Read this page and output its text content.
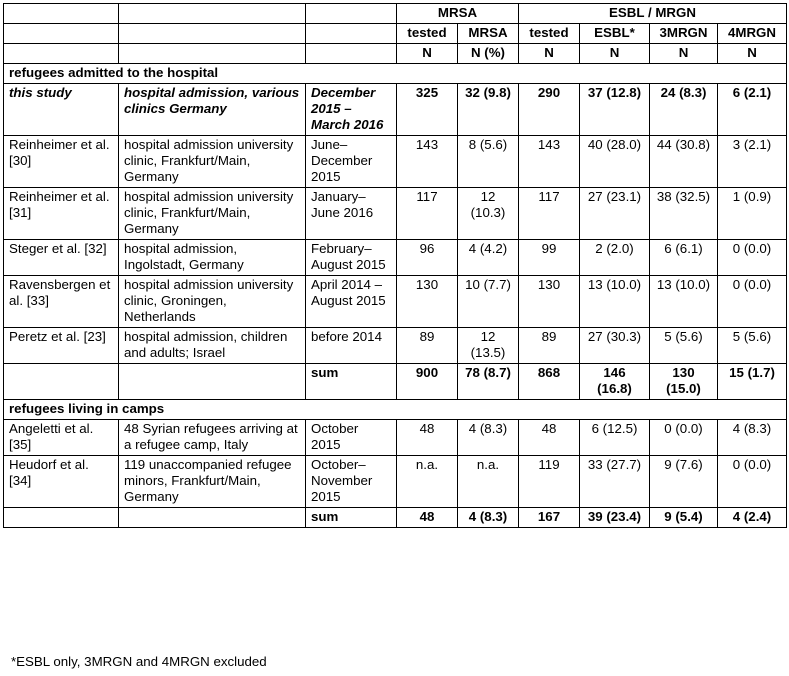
			MRSA		ESBL / MRGN			
			tested	MRSA	tested	ESBL*	3MRGN	4MRGN
			N	N (%)	N	N	N	N
refugees admitted to the hospital								
this study	hospital admission, various clinics Germany	December 2015 – March 2016	325	32 (9.8)	290	37 (12.8)	24 (8.3)	6 (2.1)
Reinheimer et al. [30]	hospital admission university clinic, Frankfurt/Main, Germany	June– December 2015	143	8 (5.6)	143	40 (28.0)	44 (30.8)	3 (2.1)
Reinheimer et al. [31]	hospital admission university clinic, Frankfurt/Main, Germany	January– June 2016	117	12 (10.3)	117	27 (23.1)	38 (32.5)	1 (0.9)
Steger et al. [32]	hospital admission, Ingolstadt, Germany	February– August 2015	96	4 (4.2)	99	2 (2.0)	6 (6.1)	0 (0.0)
Ravensbergen et al. [33]	hospital admission university clinic, Groningen, Netherlands	April 2014 – August 2015	130	10 (7.7)	130	13 (10.0)	13 (10.0)	0 (0.0)
Peretz et al. [23]	hospital admission, children and adults; Israel	before 2014	89	12 (13.5)	89	27 (30.3)	5 (5.6)	5 (5.6)
		sum	900	78 (8.7)	868	146 (16.8)	130 (15.0)	15 (1.7)
refugees living in camps								
Angeletti et al. [35]	48 Syrian refugees arriving at a refugee camp, Italy	October 2015	48	4 (8.3)	48	6 (12.5)	0 (0.0)	4 (8.3)
Heudorf et al. [34]	119 unaccompanied refugee minors, Frankfurt/Main, Germany	October– November 2015	n.a.	n.a.	119	33 (27.7)	9 (7.6)	0 (0.0)
		sum	48	4 (8.3)	167	39 (23.4)	9 (5.4)	4 (2.4)
*ESBL only, 3MRGN and 4MRGN excluded
